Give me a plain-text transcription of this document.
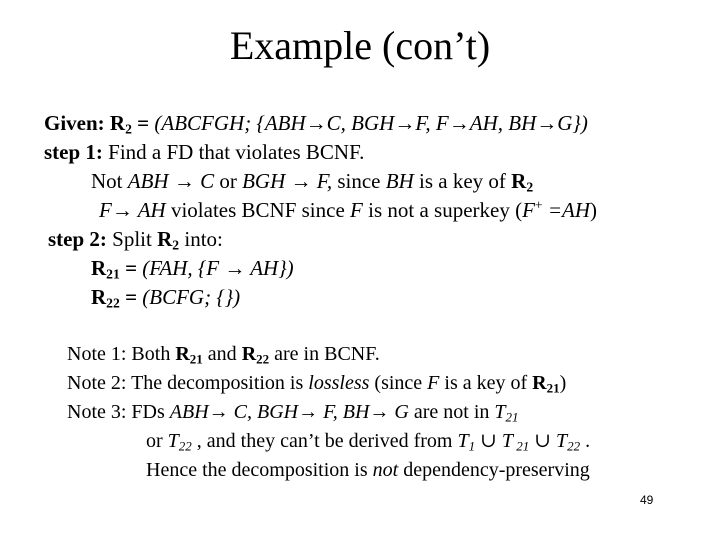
Example (con’t)
Given: $R_2$ = (ABCFGH; {ABH→C, BGH→F, F→AH, BH→G})
step 1: Find a FD that violates BCNF.
Not ABH → C or BGH → F, since BH is a key of $R_2$
F→ AH violates BCNF since F is not a superkey (F+ =AH)
step 2: Split $R_2$ into:
$R_{21} = (FAH$, {F → AH})
$R_{22}$ = (BCFG; {})
Note 1: Both $R_{21}$ and $R_{22}$ are in BCNF.
Note 2: The decomposition is lossless (since F is a key of $R_{21}$)
Note 3: FDs ABH→ C, BGH→ F, BH→ G are not in $T_{21}$
or $T_{22}$ , and they can’t be derived from $T_1$ ∪ T $_{21}$ ∪ $T_{22}$ .
Hence the decomposition is not dependency-preserving
49
